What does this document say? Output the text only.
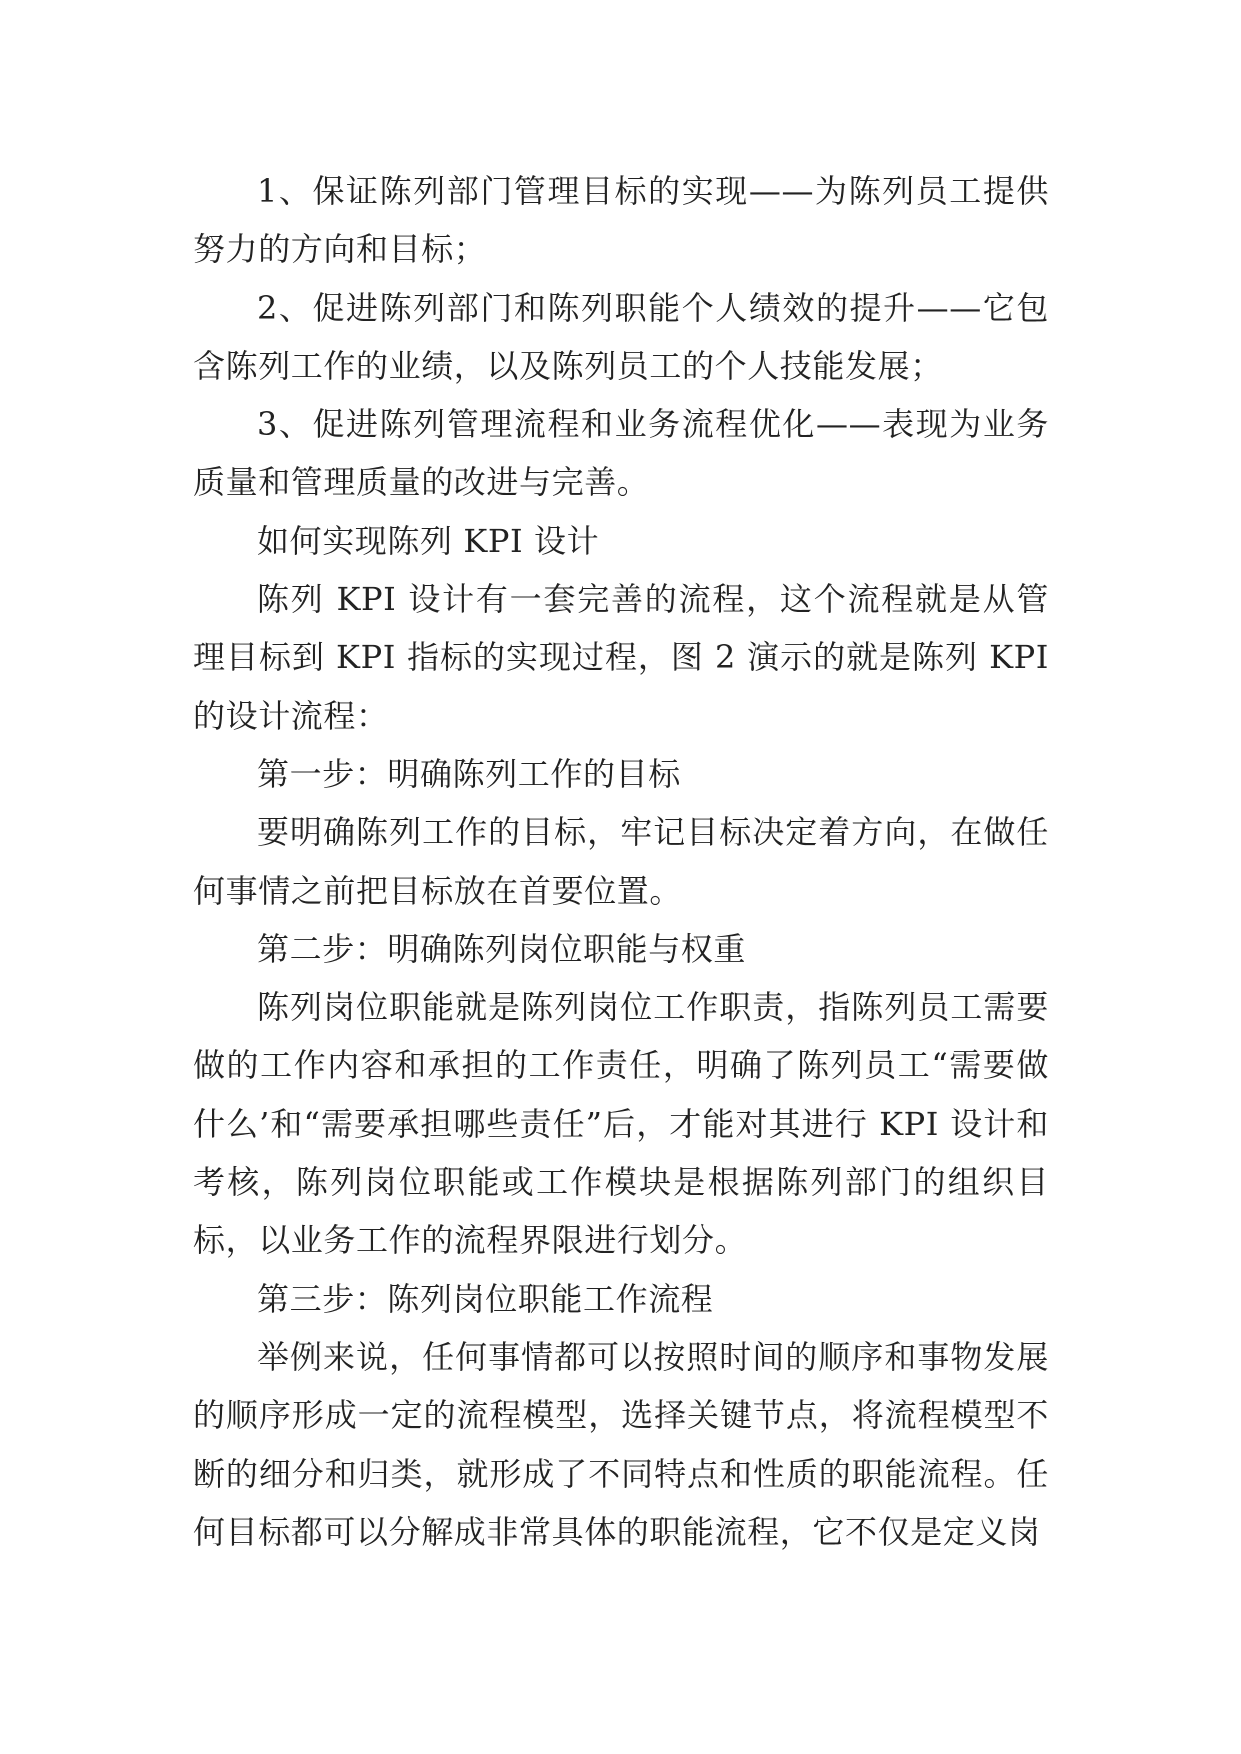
1、保证陈列部门管理目标的实现——为陈列员工提供努力的方向和目标；

2、促进陈列部门和陈列职能个人绩效的提升——它包含陈列工作的业绩，以及陈列员工的个人技能发展；

3、促进陈列管理流程和业务流程优化——表现为业务质量和管理质量的改进与完善。

如何实现陈列 KPI 设计

陈列 KPI 设计有一套完善的流程，这个流程就是从管理目标到 KPI 指标的实现过程，图 2 演示的就是陈列 KPI 的设计流程：

第一步：明确陈列工作的目标

要明确陈列工作的目标，牢记目标决定着方向，在做任何事情之前把目标放在首要位置。

第二步：明确陈列岗位职能与权重

陈列岗位职能就是陈列岗位工作职责，指陈列员工需要做的工作内容和承担的工作责任，明确了陈列员工“需要做什么’和“需要承担哪些责任”后，才能对其进行 KPI 设计和考核，陈列岗位职能或工作模块是根据陈列部门的组织目标，以业务工作的流程界限进行划分。

第三步：陈列岗位职能工作流程

举例来说，任何事情都可以按照时间的顺序和事物发展的顺序形成一定的流程模型，选择关键节点，将流程模型不断的细分和归类，就形成了不同特点和性质的职能流程。任何目标都可以分解成非常具体的职能流程，它不仅是定义岗
